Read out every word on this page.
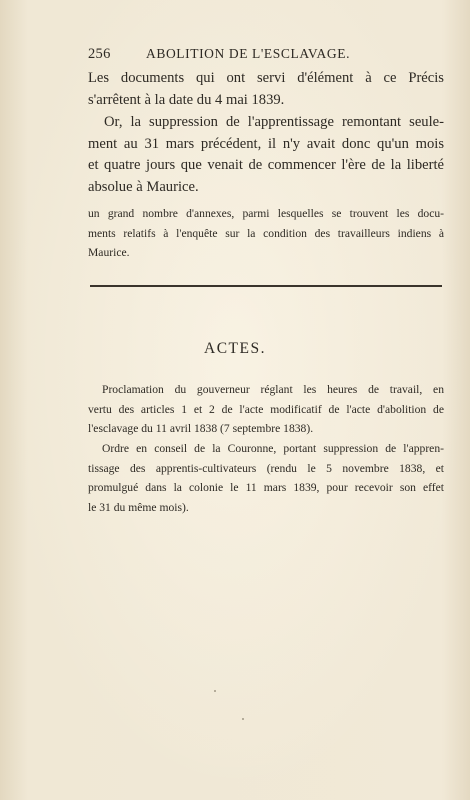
256	ABOLITION DE L'ESCLAVAGE.

Les documents qui ont servi d'élément à ce Précis
s'arrêtent à la date du 4 mai 1839.

Or, la suppression de l'apprentissage remontant seule-
ment au 31 mars précédent, il n'y avait donc qu'un mois
et quatre jours que venait de commencer l'ère de la liberté
absolue à Maurice.

un grand nombre d'annexes, parmi lesquelles se trouvent les docu-
ments relatifs à l'enquête sur la condition des travailleurs indiens à
Maurice.

ACTES.

Proclamation du gouverneur réglant les heures de travail, en
vertu des articles 1 et 2 de l'acte modificatif de l'acte d'abolition de
l'esclavage du 11 avril 1838 (7 septembre 1838).

Ordre en conseil de la Couronne, portant suppression de l'appren-
tissage des apprentis-cultivateurs (rendu le 5 novembre 1838, et
promulgué dans la colonie le 11 mars 1839, pour recevoir son effet
le 31 du même mois).
